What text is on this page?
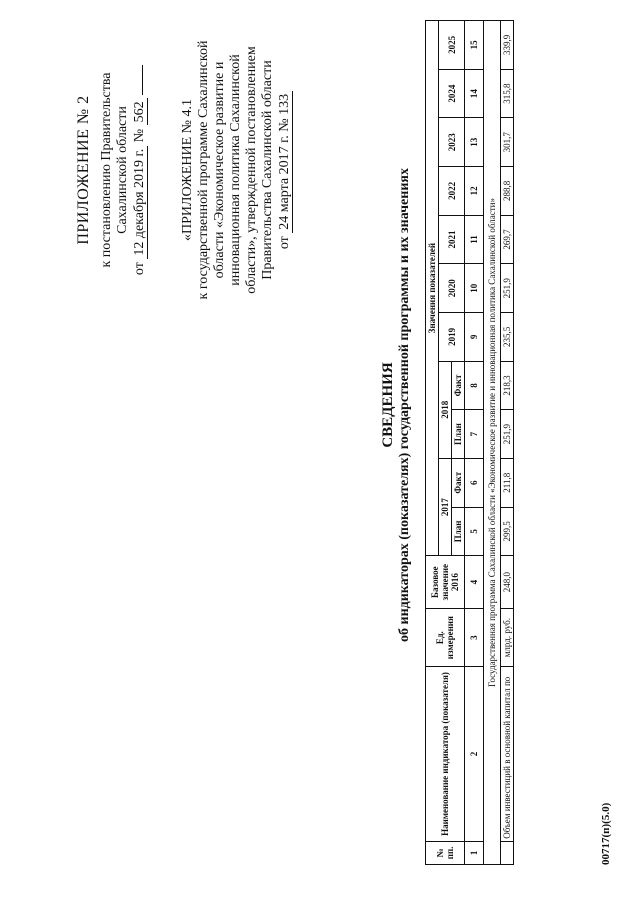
ПРИЛОЖЕНИЕ № 2 к постановлению Правительства Сахалинской области
от 12 декабря 2019 г. № 562 «ПРИЛОЖЕНИЕ № 4.1 к государственной программе Сахалинской области «Экономическое развитие и инновационная политика Сахалинской области», утвержденной постановлением Правительства Сахалинской области от 24 марта 2017 г. № 133
СВЕДЕНИЯ об индикаторах (показателях) государственной программы и их значениях
№ пп.	Наименование индикатора (показателя)	Ед. измерения	Базовое значение 2016	Значения показателей										
				2017		2018		2019	2020	2021	2022	2023	2024	2025
				План	Факт	План	Факт							
1	2	3	4	5	6	7	8	9	10	11	12	13	14	15
Государственная программа Сахалинской области «Экономическое развитие и инновационная политика Сахалинской области»														
	Объем инвестиций в основной капитал по	млрд. руб.	248,0	299,5	211,8	251,9	218,3	235,5	251,9	269,7	288,8	301,7	315,8	339,9
00717(п)(5.0)
